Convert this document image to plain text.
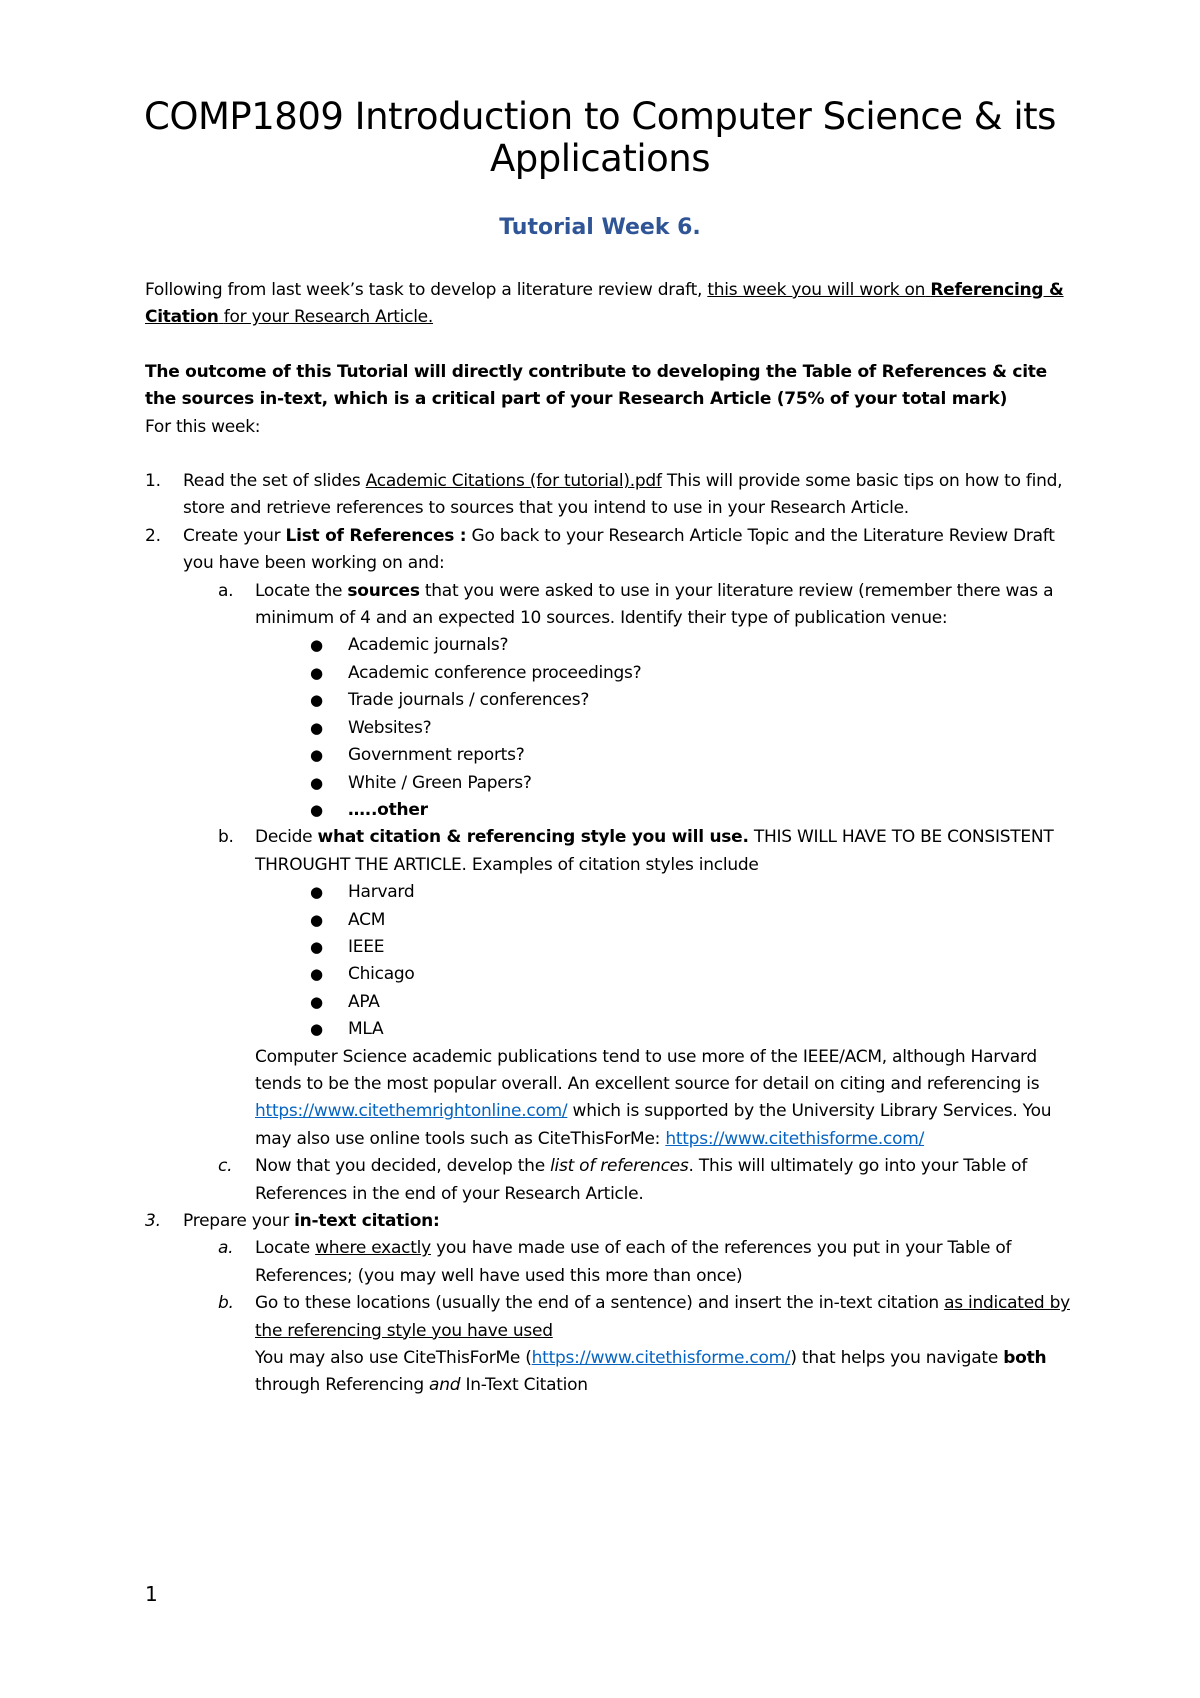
COMP1809 Introduction to Computer Science & its Applications
Tutorial Week 6.

Following from last week’s task to develop a literature review draft, this week you will work on Referencing & Citation for your Research Article.

The outcome of this Tutorial will directly contribute to developing the Table of References & cite the sources in-text, which is a critical part of your Research Article (75% of your total mark)

For this week:

1. Read the set of slides Academic Citations (for tutorial).pdf This will provide some basic tips on how to find, store and retrieve references to sources that you intend to use in your Research Article.
2. Create your List of References : Go back to your Research Article Topic and the Literature Review Draft you have been working on and:
a. Locate the sources that you were asked to use in your literature review (remember there was a minimum of 4 and an expected 10 sources. Identify their type of publication venue:
● Academic journals?
● Academic conference proceedings?
● Trade journals / conferences?
● Websites?
● Government reports?
● White / Green Papers?
● …..other
b. Decide what citation & referencing style you will use. THIS WILL HAVE TO BE CONSISTENT THROUGHT THE ARTICLE. Examples of citation styles include
● Harvard
● ACM
● IEEE
● Chicago
● APA
● MLA
Computer Science academic publications tend to use more of the IEEE/ACM, although Harvard tends to be the most popular overall. An excellent source for detail on citing and referencing is https://www.citethemrightonline.com/ which is supported by the University Library Services. You may also use online tools such as CiteThisForMe: https://www.citethisforme.com/
c. Now that you decided, develop the list of references. This will ultimately go into your Table of References in the end of your Research Article.
3. Prepare your in-text citation:
a. Locate where exactly you have made use of each of the references you put in your Table of References; (you may well have used this more than once)
b. Go to these locations (usually the end of a sentence) and insert the in-text citation as indicated by the referencing style you have used
You may also use CiteThisForMe (https://www.citethisforme.com/) that helps you navigate both through Referencing and In-Text Citation
1
